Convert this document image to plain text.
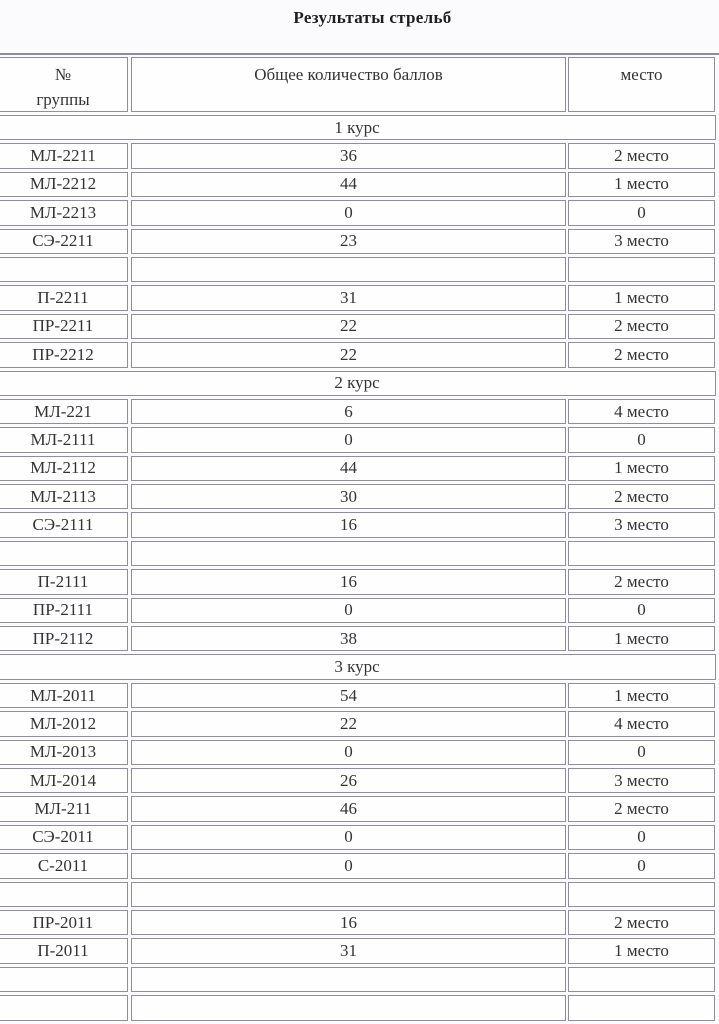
Результаты стрельб
№
группы
Общее количество баллов	место
1 курс
МЛ-2211	36	2 место
МЛ-2212	44	1 место
МЛ-2213	0	0
СЭ-2211	23	3 место
П-2211	31	1 место
ПР-2211	22	2 место
ПР-2212	22	2 место
2 курс
МЛ-221	6	4 место
МЛ-2111	0	0
МЛ-2112	44	1 место
МЛ-2113	30	2 место
СЭ-2111	16	3 место
П-2111	16	2 место
ПР-2111	0	0
ПР-2112	38	1 место
3 курс
МЛ-2011	54	1 место
МЛ-2012	22	4 место
МЛ-2013	0	0
МЛ-2014	26	3 место
МЛ-211	46	2 место
СЭ-2011	0	0
С-2011	0	0
ПР-2011	16	2 место
П-2011	31	1 место
